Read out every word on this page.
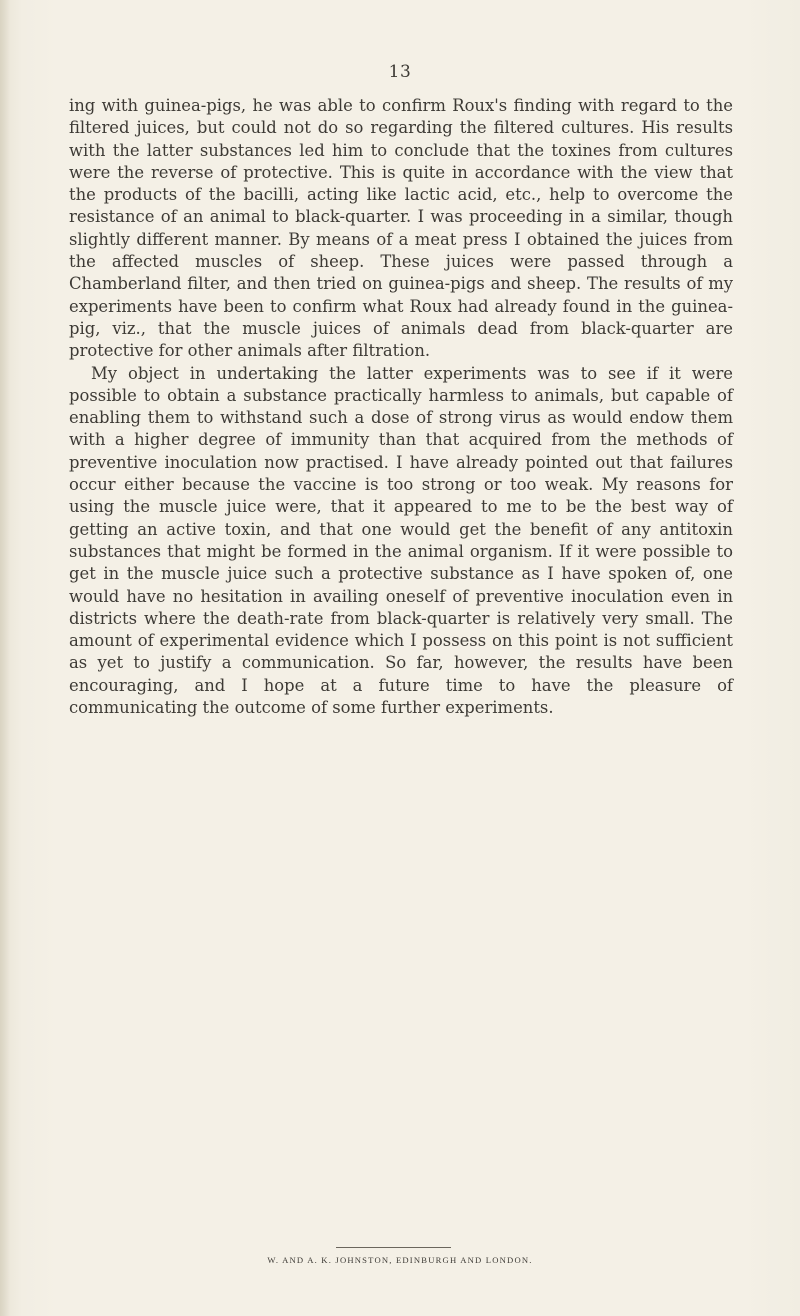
13

ing with guinea-pigs, he was able to confirm Roux's finding with regard to the filtered juices, but could not do so regarding the filtered cultures. His results with the latter substances led him to conclude that the toxines from cultures were the reverse of protective. This is quite in accordance with the view that the products of the bacilli, acting like lactic acid, etc., help to overcome the resistance of an animal to black-quarter. I was proceeding in a similar, though slightly different manner. By means of a meat press I obtained the juices from the affected muscles of sheep. These juices were passed through a Chamberland filter, and then tried on guinea-pigs and sheep. The results of my experiments have been to confirm what Roux had already found in the guinea-pig, viz., that the muscle juices of animals dead from black-quarter are protective for other animals after filtration.

My object in undertaking the latter experiments was to see if it were possible to obtain a substance practically harmless to animals, but capable of enabling them to withstand such a dose of strong virus as would endow them with a higher degree of immunity than that acquired from the methods of preventive inoculation now practised. I have already pointed out that failures occur either because the vaccine is too strong or too weak. My reasons for using the muscle juice were, that it appeared to me to be the best way of getting an active toxin, and that one would get the benefit of any antitoxin substances that might be formed in the animal organism. If it were possible to get in the muscle juice such a protective substance as I have spoken of, one would have no hesitation in availing oneself of preventive inoculation even in districts where the death-rate from black-quarter is relatively very small. The amount of experimental evidence which I possess on this point is not sufficient as yet to justify a communication. So far, however, the results have been encouraging, and I hope at a future time to have the pleasure of communicating the outcome of some further experiments.

W. AND A. K. JOHNSTON, EDINBURGH AND LONDON.
